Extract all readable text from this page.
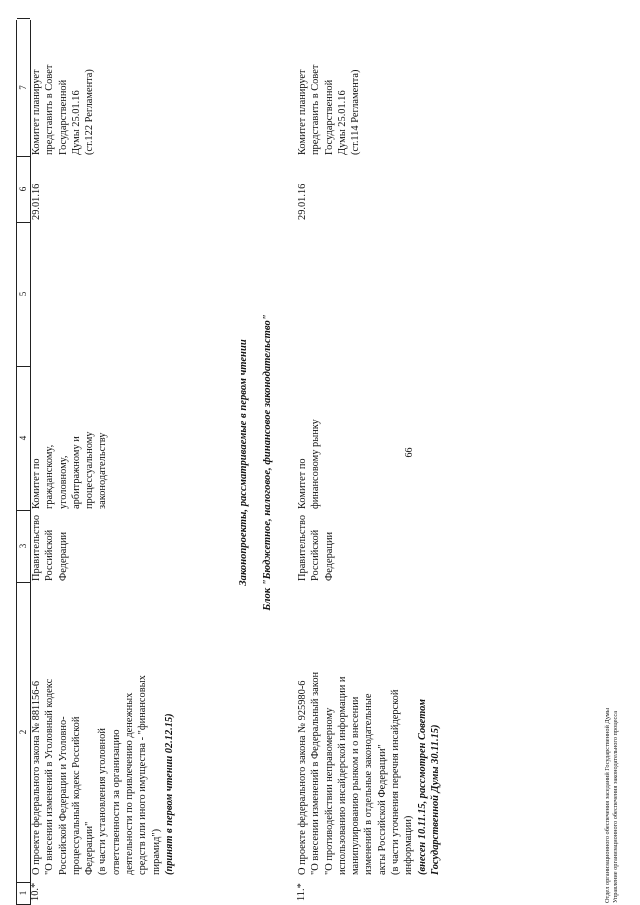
66
1
2
3
4
5
6
7
10.*
О проекте федерального закона № 881156-6
"О внесении изменений в Уголовный кодекс
Российской Федерации и Уголовно-
процессуальный кодекс Российской
Федерации"
(в части установления уголовной
ответственности за организацию
деятельности по привлечению денежных
средств или иного имущества - "финансовых
пирамид") (принят в первом чтении 02.12.15)
Правительство
Российской
Федерации
Комитет по
гражданскому,
уголовному,
арбитражному и
процессуальному
законодательству
29.01.16
Комитет планирует
представить в Совет
Государственной
Думы 25.01.16
(ст.122 Регламента)
Законопроекты, рассматриваемые в первом чтении Блок "Бюджетное, налоговое, финансовое законодательство"
11.*
О проекте федерального закона № 925980-6
"О внесении изменений в Федеральный закон
"О противодействии неправомерному
использованию инсайдерской информации и
манипулированию рынком и о внесении
изменений в отдельные законодательные
акты Российской Федерации"
(в части уточнения перечня инсайдерской
информации) (внесен 10.11.15, рассмотрен Советом
Государственной Думы 30.11.15)
Правительство
Российской
Федерации
Комитет по
финансовому рынку
29.01.16
Комитет планирует
представить в Совет
Государственной
Думы 25.01.16
(ст.114 Регламента)
Отдел организационного обеспечения заседаний Государственной Думы Управление организационного обеспечения законодательного процесса
